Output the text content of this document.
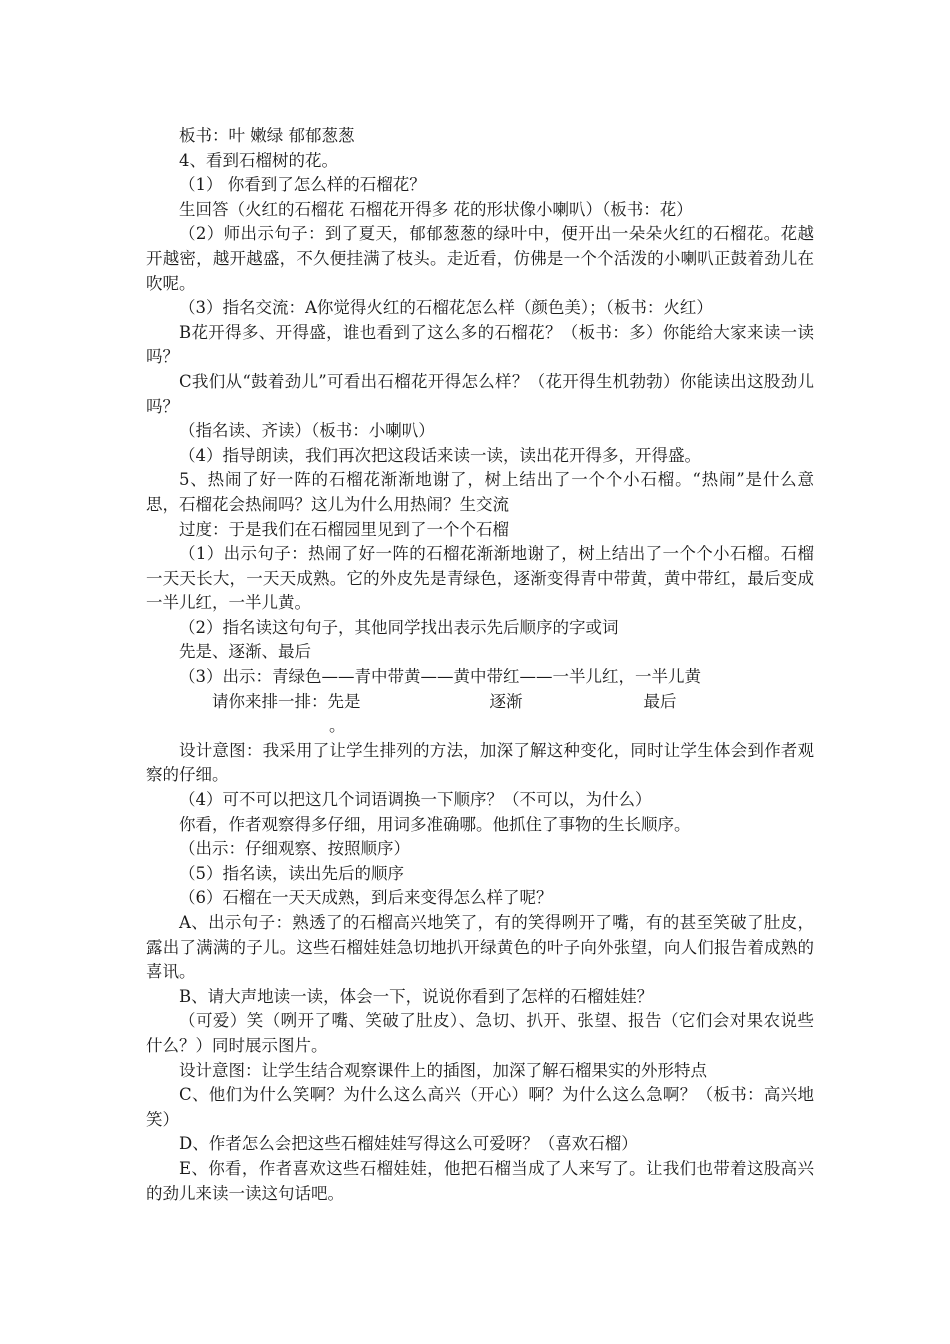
板书：叶 嫩绿 郁郁葱葱

4、看到石榴树的花。

（1） 你看到了怎么样的石榴花？

生回答（火红的石榴花 石榴花开得多 花的形状像小喇叭）（板书：花）

（2）师出示句子：到了夏天，郁郁葱葱的绿叶中，便开出一朵朵火红的石榴花。花越开越密，越开越盛，不久便挂满了枝头。走近看，仿佛是一个个活泼的小喇叭正鼓着劲儿在吹呢。

（3）指名交流：A你觉得火红的石榴花怎么样（颜色美）；（板书：火红）

B花开得多、开得盛，谁也看到了这么多的石榴花？（板书：多）你能给大家来读一读吗？

C我们从“鼓着劲儿”可看出石榴花开得怎么样？（花开得生机勃勃）你能读出这股劲儿吗？

（指名读、齐读）（板书：小喇叭）

（4）指导朗读，我们再次把这段话来读一读，读出花开得多，开得盛。

5、热闹了好一阵的石榴花渐渐地谢了，树上结出了一个个小石榴。“热闹”是什么意思，石榴花会热闹吗？这儿为什么用热闹？生交流

过度：于是我们在石榴园里见到了一个个石榴

（1）出示句子：热闹了好一阵的石榴花渐渐地谢了，树上结出了一个个小石榴。石榴一天天长大，一天天成熟。它的外皮先是青绿色，逐渐变得青中带黄，黄中带红，最后变成一半儿红，一半儿黄。

（2）指名读这句句子，其他同学找出表示先后顺序的字或词

先是、逐渐、最后

（3）出示：青绿色——青中带黄——黄中带红——一半儿红，一半儿黄

请你来排一排：先是	逐渐	最后。

设计意图：我采用了让学生排列的方法，加深了解这种变化，同时让学生体会到作者观察的仔细。

（4）可不可以把这几个词语调换一下顺序？（不可以，为什么）

你看，作者观察得多仔细，用词多准确哪。他抓住了事物的生长顺序。

（出示：仔细观察、按照顺序）

（5）指名读，读出先后的顺序

（6）石榴在一天天成熟，到后来变得怎么样了呢？

A、出示句子：熟透了的石榴高兴地笑了，有的笑得咧开了嘴，有的甚至笑破了肚皮，露出了满满的子儿。这些石榴娃娃急切地扒开绿黄色的叶子向外张望，向人们报告着成熟的喜讯。

B、请大声地读一读，体会一下，说说你看到了怎样的石榴娃娃？

（可爱）笑（咧开了嘴、笑破了肚皮）、急切、扒开、张望、报告（它们会对果农说些什么？）同时展示图片。

设计意图：让学生结合观察课件上的插图，加深了解石榴果实的外形特点

C、他们为什么笑啊？为什么这么高兴（开心）啊？为什么这么急啊？（板书：高兴地笑）

D、作者怎么会把这些石榴娃娃写得这么可爱呀？（喜欢石榴）

E、你看，作者喜欢这些石榴娃娃，他把石榴当成了人来写了。让我们也带着这股高兴的劲儿来读一读这句话吧。
